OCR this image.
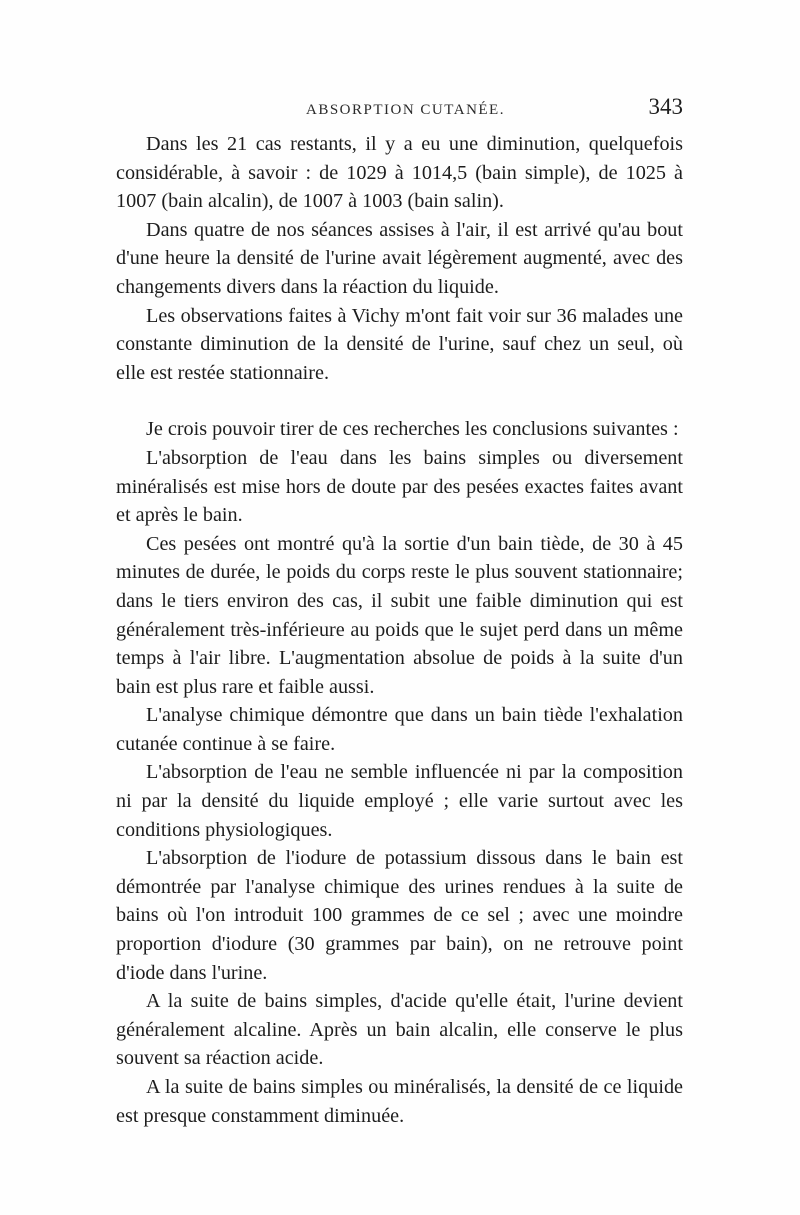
ABSORPTION CUTANÉE.	343

Dans les 21 cas restants, il y a eu une diminution, quelquefois considérable, à savoir : de 1029 à 1014,5 (bain simple), de 1025 à 1007 (bain alcalin), de 1007 à 1003 (bain salin).

Dans quatre de nos séances assises à l'air, il est arrivé qu'au bout d'une heure la densité de l'urine avait légèrement augmenté, avec des changements divers dans la réaction du liquide.

Les observations faites à Vichy m'ont fait voir sur 36 malades une constante diminution de la densité de l'urine, sauf chez un seul, où elle est restée stationnaire.

Je crois pouvoir tirer de ces recherches les conclusions suivantes :

L'absorption de l'eau dans les bains simples ou diversement minéralisés est mise hors de doute par des pesées exactes faites avant et après le bain.

Ces pesées ont montré qu'à la sortie d'un bain tiède, de 30 à 45 minutes de durée, le poids du corps reste le plus souvent stationnaire; dans le tiers environ des cas, il subit une faible diminution qui est généralement très-inférieure au poids que le sujet perd dans un même temps à l'air libre. L'augmentation absolue de poids à la suite d'un bain est plus rare et faible aussi.

L'analyse chimique démontre que dans un bain tiède l'exhalation cutanée continue à se faire.

L'absorption de l'eau ne semble influencée ni par la composition ni par la densité du liquide employé ; elle varie surtout avec les conditions physiologiques.

L'absorption de l'iodure de potassium dissous dans le bain est démontrée par l'analyse chimique des urines rendues à la suite de bains où l'on introduit 100 grammes de ce sel ; avec une moindre proportion d'iodure (30 grammes par bain), on ne retrouve point d'iode dans l'urine.

A la suite de bains simples, d'acide qu'elle était, l'urine devient généralement alcaline. Après un bain alcalin, elle conserve le plus souvent sa réaction acide.

A la suite de bains simples ou minéralisés, la densité de ce liquide est presque constamment diminuée.
